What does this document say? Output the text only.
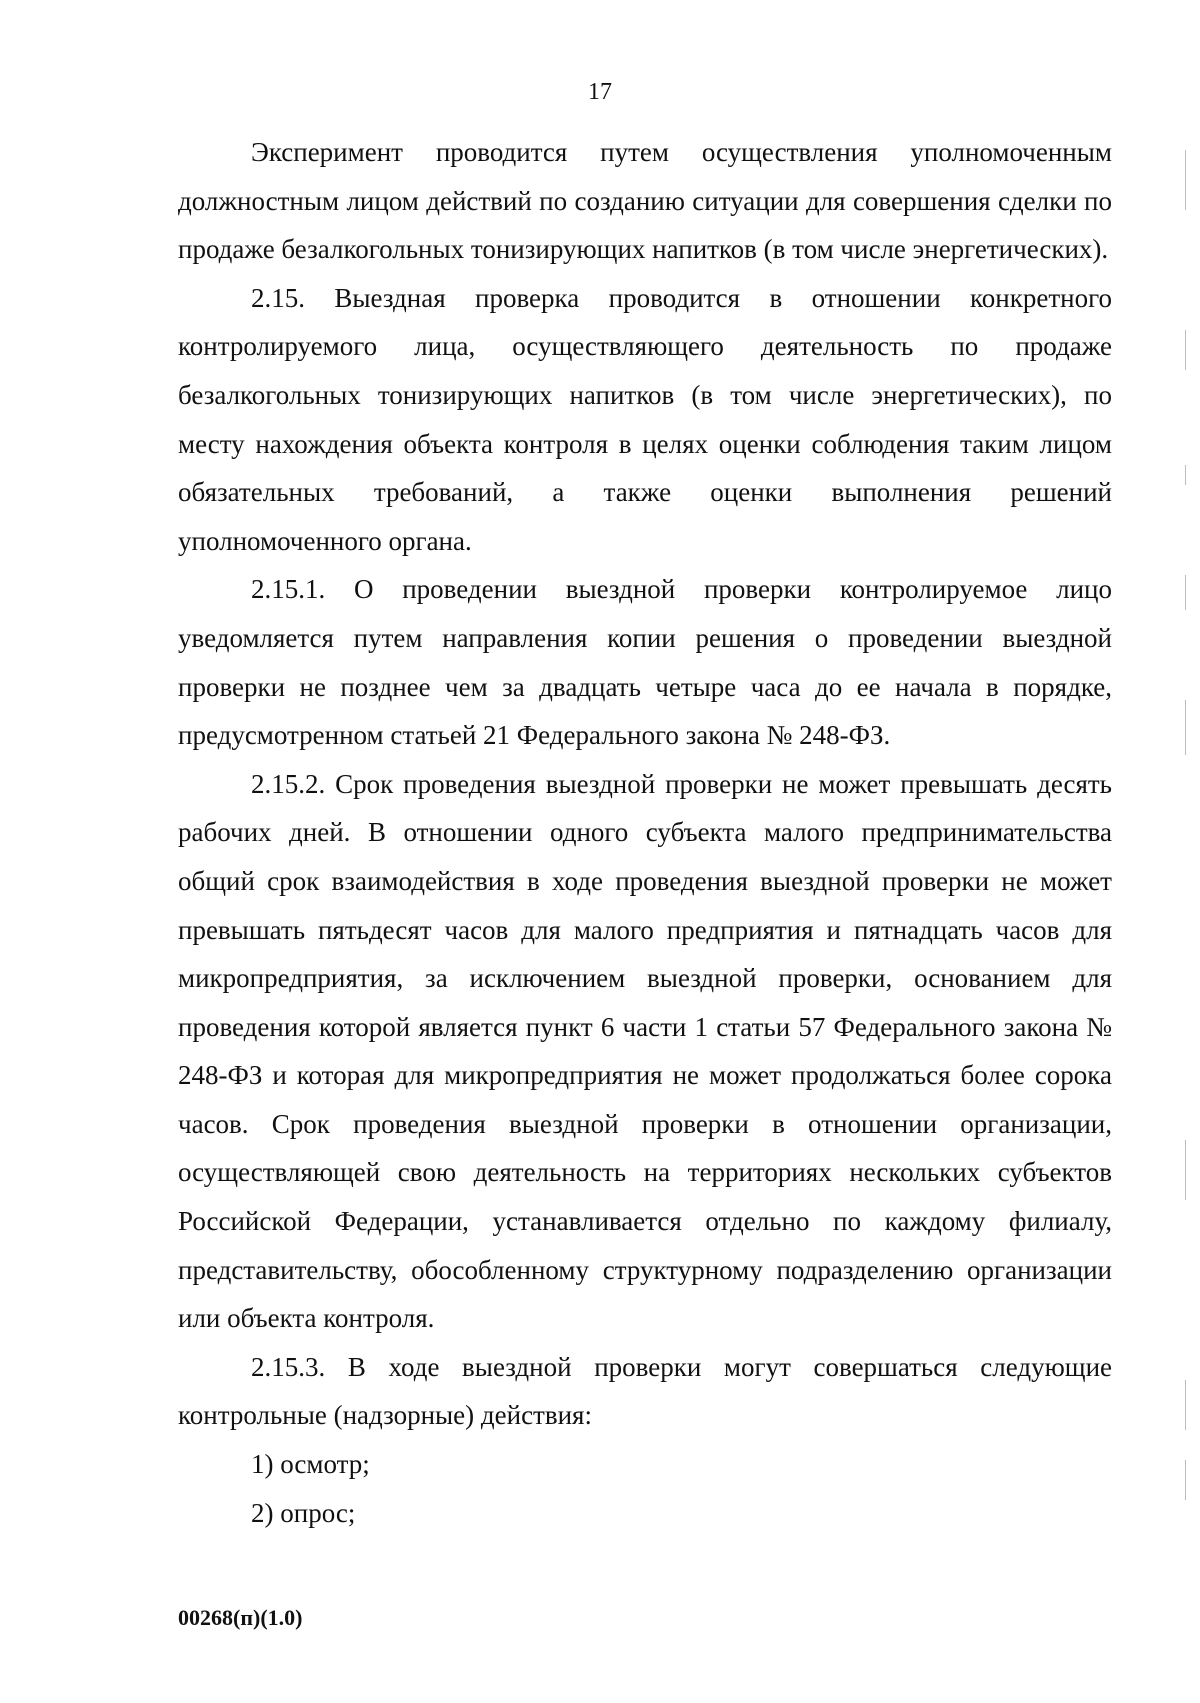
17

Эксперимент проводится путем осуществления уполномоченным должностным лицом действий по созданию ситуации для совершения сделки по продаже безалкогольных тонизирующих напитков (в том числе энергетических).

2.15. Выездная проверка проводится в отношении конкретного контролируемого лица, осуществляющего деятельность по продаже безалкогольных тонизирующих напитков (в том числе энергетических), по месту нахождения объекта контроля в целях оценки соблюдения таким лицом обязательных требований, а также оценки выполнения решений уполномоченного органа.

2.15.1. О проведении выездной проверки контролируемое лицо уведомляется путем направления копии решения о проведении выездной проверки не позднее чем за двадцать четыре часа до ее начала в порядке, предусмотренном статьей 21 Федерального закона № 248-ФЗ.

2.15.2. Срок проведения выездной проверки не может превышать десять рабочих дней. В отношении одного субъекта малого предпринимательства общий срок взаимодействия в ходе проведения выездной проверки не может превышать пятьдесят часов для малого предприятия и пятнадцать часов для микропредприятия, за исключением выездной проверки, основанием для проведения которой является пункт 6 части 1 статьи 57 Федерального закона № 248-ФЗ и которая для микропредприятия не может продолжаться более сорока часов. Срок проведения выездной проверки в отношении организации, осуществляющей свою деятельность на территориях нескольких субъектов Российской Федерации, устанавливается отдельно по каждому филиалу, представительству, обособленному структурному подразделению организации или объекта контроля.

2.15.3. В ходе выездной проверки могут совершаться следующие контрольные (надзорные) действия:

1) осмотр;

2) опрос;

00268(п)(1.0)
